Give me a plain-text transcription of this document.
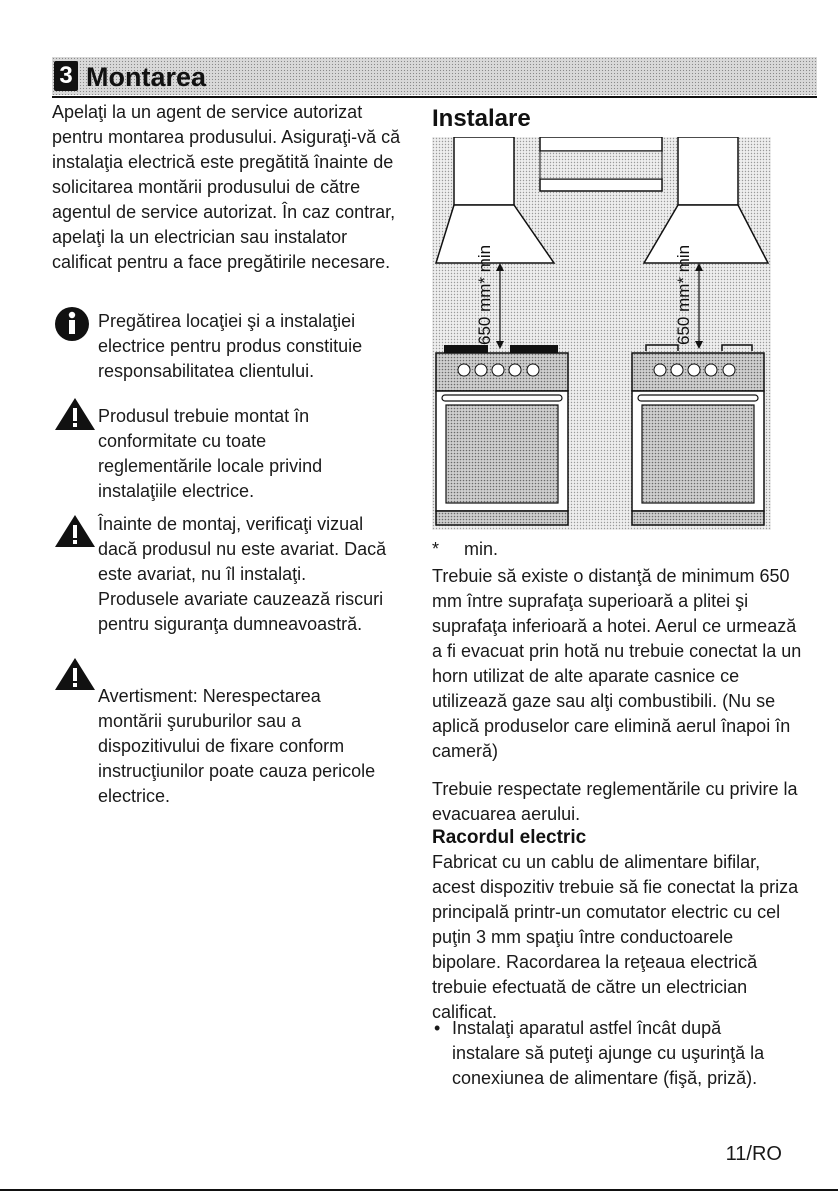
3 Montarea

Apelaţi la un agent de service autorizat pentru montarea produsului. Asiguraţi-vă că instalaţia electrică este pregătită înainte de solicitarea montării produsului de către agentul de service autorizat. În caz contrar, apelaţi la un electrician sau instalator calificat pentru a face pregătirile necesare.

Pregătirea locaţiei şi a instalaţiei electrice pentru produs constituie responsabilitatea clientului.

Produsul trebuie montat în conformitate cu toate reglementările locale privind instalaţiile electrice.

Înainte de montaj, verificaţi vizual dacă produsul nu este avariat. Dacă este avariat, nu îl instalaţi. Produsele avariate cauzează riscuri pentru siguranţa dumneavoastră.

Avertisment: Nerespectarea montării şuruburilor sau a dispozitivului de fixare conform instrucţiunilor poate cauza pericole electrice.

Instalare
650 mm* min	650 mm* min
* min.

Trebuie să existe o distanţă de minimum 650 mm între suprafaţa superioară a plitei şi suprafaţa inferioară a hotei. Aerul ce urmează a fi evacuat prin hotă nu trebuie conectat la un horn utilizat de alte aparate casnice ce utilizează gaze sau alţi combustibili. (Nu se aplică produselor care elimină aerul înapoi în cameră)

Trebuie respectate reglementările cu privire la evacuarea aerului.

Racordul electric

Fabricat cu un cablu de alimentare bifilar, acest dispozitiv trebuie să fie conectat la priza principală printr-un comutator electric cu cel puţin 3 mm spaţiu între conductoarele bipolare. Racordarea la reţeaua electrică trebuie efectuată de către un electrician calificat.

• Instalaţi aparatul astfel încât după instalare să puteţi ajunge cu uşurinţă la conexiunea de alimentare (fişă, priză).

11/RO
